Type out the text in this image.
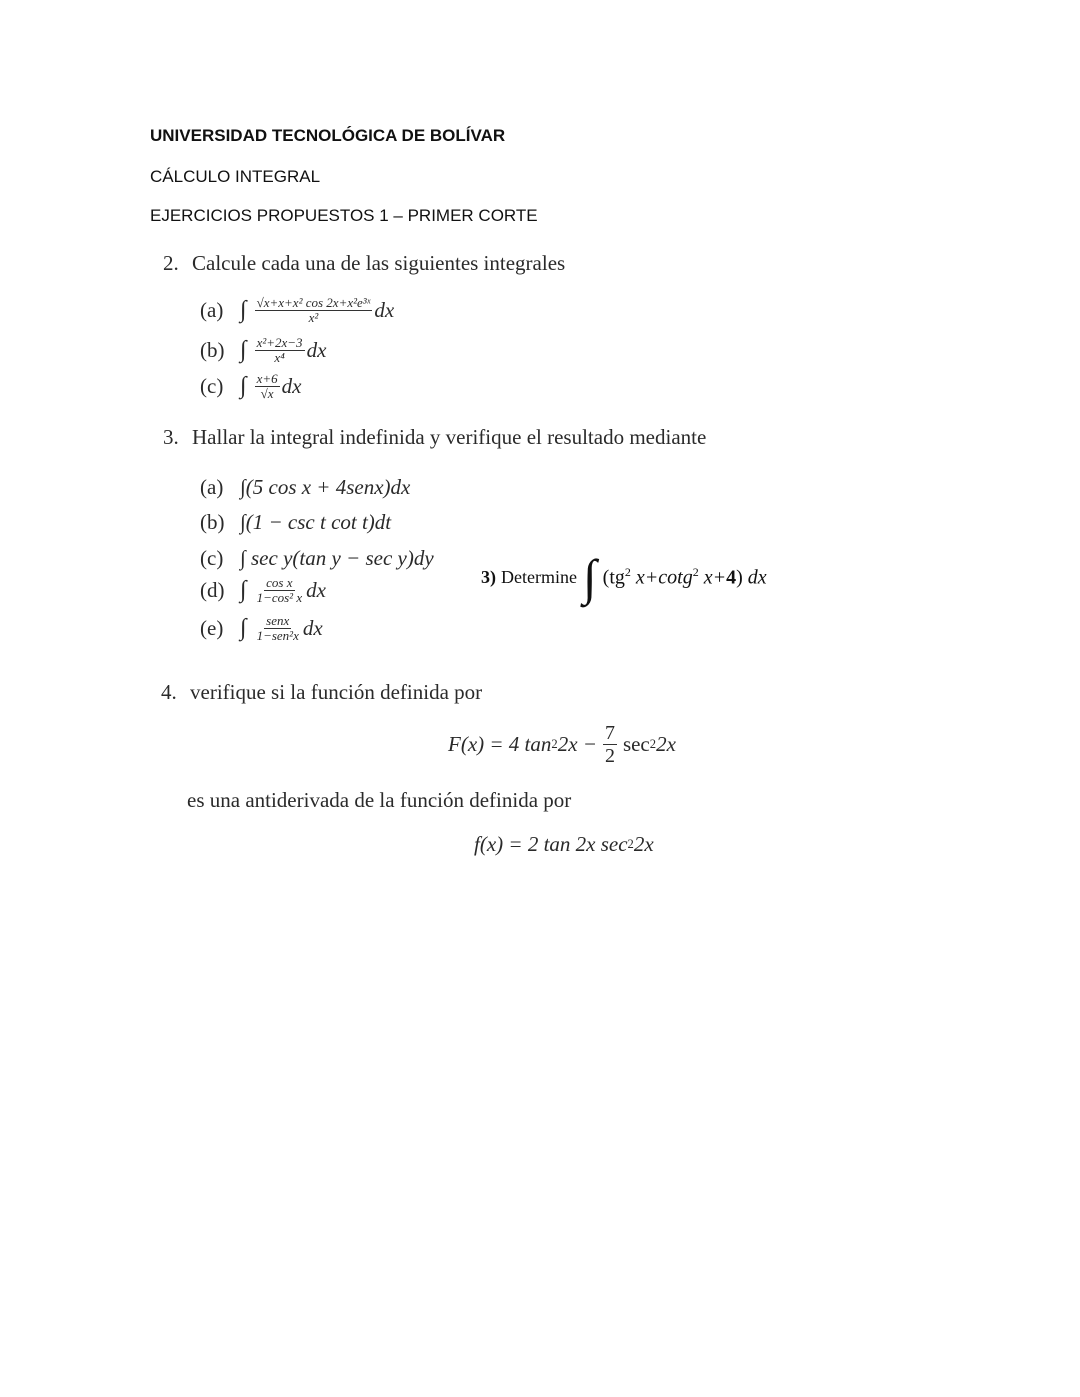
UNIVERSIDAD TECNOLÓGICA DE BOLÍVAR
CÁLCULO INTEGRAL
EJERCICIOS PROPUESTOS 1 – PRIMER CORTE
2. Calcule cada una de las siguientes integrales
(a) ∫ $\frac{\text{√x+x+x² cos 2x+x²e³ˣ}}{\text{x²}}$ dx
(b) ∫ $\frac{\text{x²+2x−3}}{\text{x⁴}}$ dx
(c) ∫ $\frac{x+6}{√x}$ dx
3. Hallar la integral indefinida y verifique el resultado mediante
(a) ∫(5 cos x + 4senx)dx
(b) ∫(1 − csc t cot t)dt
(c) ∫ sec y(tan y − sec y)dy
(d) ∫ $\frac{\text{cos x}}{\text{1−cos² x}}$ dx
(e) ∫ $\frac{\text{senx}}{\text{1−sen²x}}$ dx
3) Determine ∫ ($tg^2$ x+cotg$^2$ x+4) dx
4. verifique si la función definida por
F(x) = 4 tan 2 $2x - \frac{7}{2}$ sec 2 2x
es una antiderivada de la función definida por
f(x) = 2 tan 2x sec 2 2x
